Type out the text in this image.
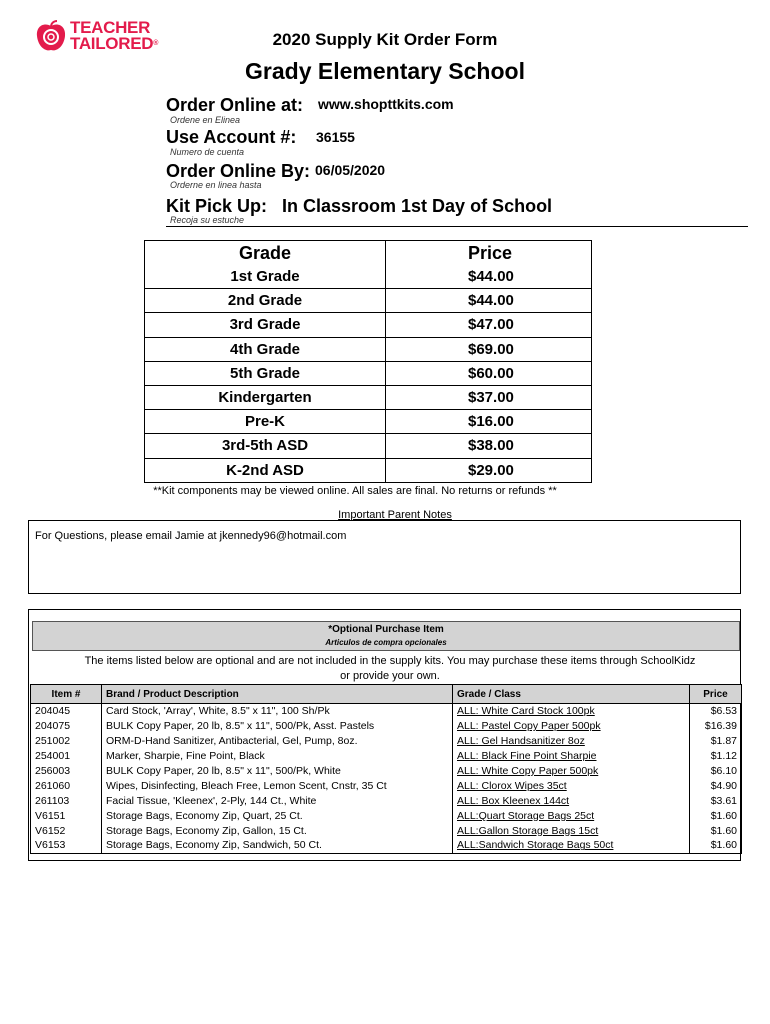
TEACHER
TAILORED®	2020 Supply Kit Order Form
Grady Elementary School
Order Online at: www.shopttkits.com
Ordene en Elinea
Use Account #: 36155
Numero de cuenta
Order Online By: 06/05/2020
Orderne en linea hasta
Kit Pick Up: In Classroom 1st Day of School
Recoja su estuche
Grade	Price
1st Grade	$44.00
2nd Grade	$44.00
3rd Grade	$47.00
4th Grade	$69.00
5th Grade	$60.00
Kindergarten	$37.00
Pre-K	$16.00
3rd-5th ASD	$38.00
K-2nd ASD	$29.00
**Kit components may be viewed online. All sales are final. No returns or refunds **
Important Parent Notes
For Questions, please email Jamie at jkennedy96@hotmail.com
*Optional Purchase Item
Articulos de compra opcionales
The items listed below are optional and are not included in the supply kits. You may purchase these items through SchoolKidz
or provide your own.
Item #	Brand / Product Description	Grade / Class	Price
204045	Card Stock, 'Array', White, 8.5" x 11", 100 Sh/Pk	ALL: White Card Stock 100pk	$6.53
204075	BULK Copy Paper, 20 lb, 8.5" x 11", 500/Pk, Asst. Pastels	ALL: Pastel Copy Paper 500pk	$16.39
251002	ORM-D-Hand Sanitizer, Antibacterial, Gel, Pump, 8oz.	ALL: Gel Handsanitizer 8oz	$1.87
254001	Marker, Sharpie, Fine Point, Black	ALL: Black Fine Point Sharpie	$1.12
256003	BULK Copy Paper, 20 lb, 8.5" x 11", 500/Pk, White	ALL: White Copy Paper 500pk	$6.10
261060	Wipes, Disinfecting, Bleach Free, Lemon Scent, Cnstr, 35 Ct	ALL: Clorox Wipes 35ct	$4.90
261103	Facial Tissue, 'Kleenex', 2-Ply, 144 Ct., White	ALL: Box Kleenex 144ct	$3.61
V6151	Storage Bags, Economy Zip, Quart, 25 Ct.	ALL:Quart Storage Bags 25ct	$1.60
V6152	Storage Bags, Economy Zip, Gallon, 15 Ct.	ALL:Gallon Storage Bags 15ct	$1.60
V6153	Storage Bags, Economy Zip, Sandwich, 50 Ct.	ALL:Sandwich Storage Bags 50ct	$1.60
